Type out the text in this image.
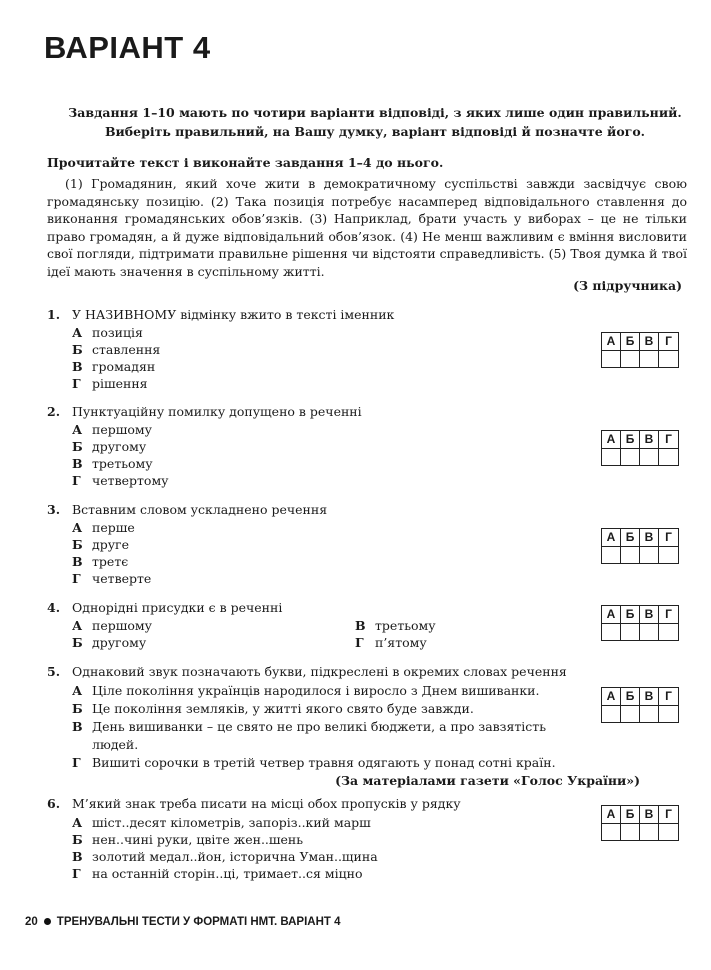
ВАРІАНТ 4
Завдання 1–10 мають по чотири варіанти відповіді, з яких лише один правильний.
Виберіть правильний, на Вашу думку, варіант відповіді й позначте його.
Прочитайте текст і виконайте завдання 1–4 до нього.
(1) Громадянин, який хоче жити в демократичному суспільстві завжди засвідчує свою громадянську позицію. (2) Така позиція потребує насамперед відповідального ставлення до виконання громадянських обов’язків. (3) Наприклад, брати участь у виборах – це не тільки право громадян, а й дуже відповідальний обов’язок. (4) Не менш важливим є вміння висловити свої погляди, підтримати правильне рішення чи відстояти справедливість. (5) Твоя думка й твої ідеї мають значення в суспільному житті.
(З підручника)
1. У НАЗИВНОМУ відмінку вжито в тексті іменник
А позиція
Б ставлення
В громадян
Г рішення
А Б В Г
2. Пунктуаційну помилку допущено в реченні
А першому
Б другому
В третьому
Г четвертому
А Б В Г
3. Вставним словом ускладнено речення
А перше
Б друге
В третє
Г четверте
А Б В Г
4. Однорідні присудки є в реченні
А першому
Б другому
В третьому
Г п’ятому
А Б В Г
5. Однаковий звук позначають букви, підкреслені в окремих словах речення
А Ціле покоління українців народилося і виросло з Днем вишиванки.
Б Це покоління земляків, у житті якого свято буде завжди.
В День вишиванки – це свято не про великі бюджети, а про завзятість
людей.
Г Вишиті сорочки в третій четвер травня одягають у понад сотні країн.
(За матеріалами газети «Голос України»)
А Б В Г
6. М’який знак треба писати на місці обох пропусків у рядку
А шіст..десят кілометрів, запоріз..кий марш
Б нен..чині руки, цвіте жен..шень
В золотий медал..йон, історична Уман..щина
Г на останній сторін..ці, тримает..ся міцно
А Б В Г
20 ТРЕНУВАЛЬНІ ТЕСТИ У ФОРМАТІ НМТ. ВАРІАНТ 4
